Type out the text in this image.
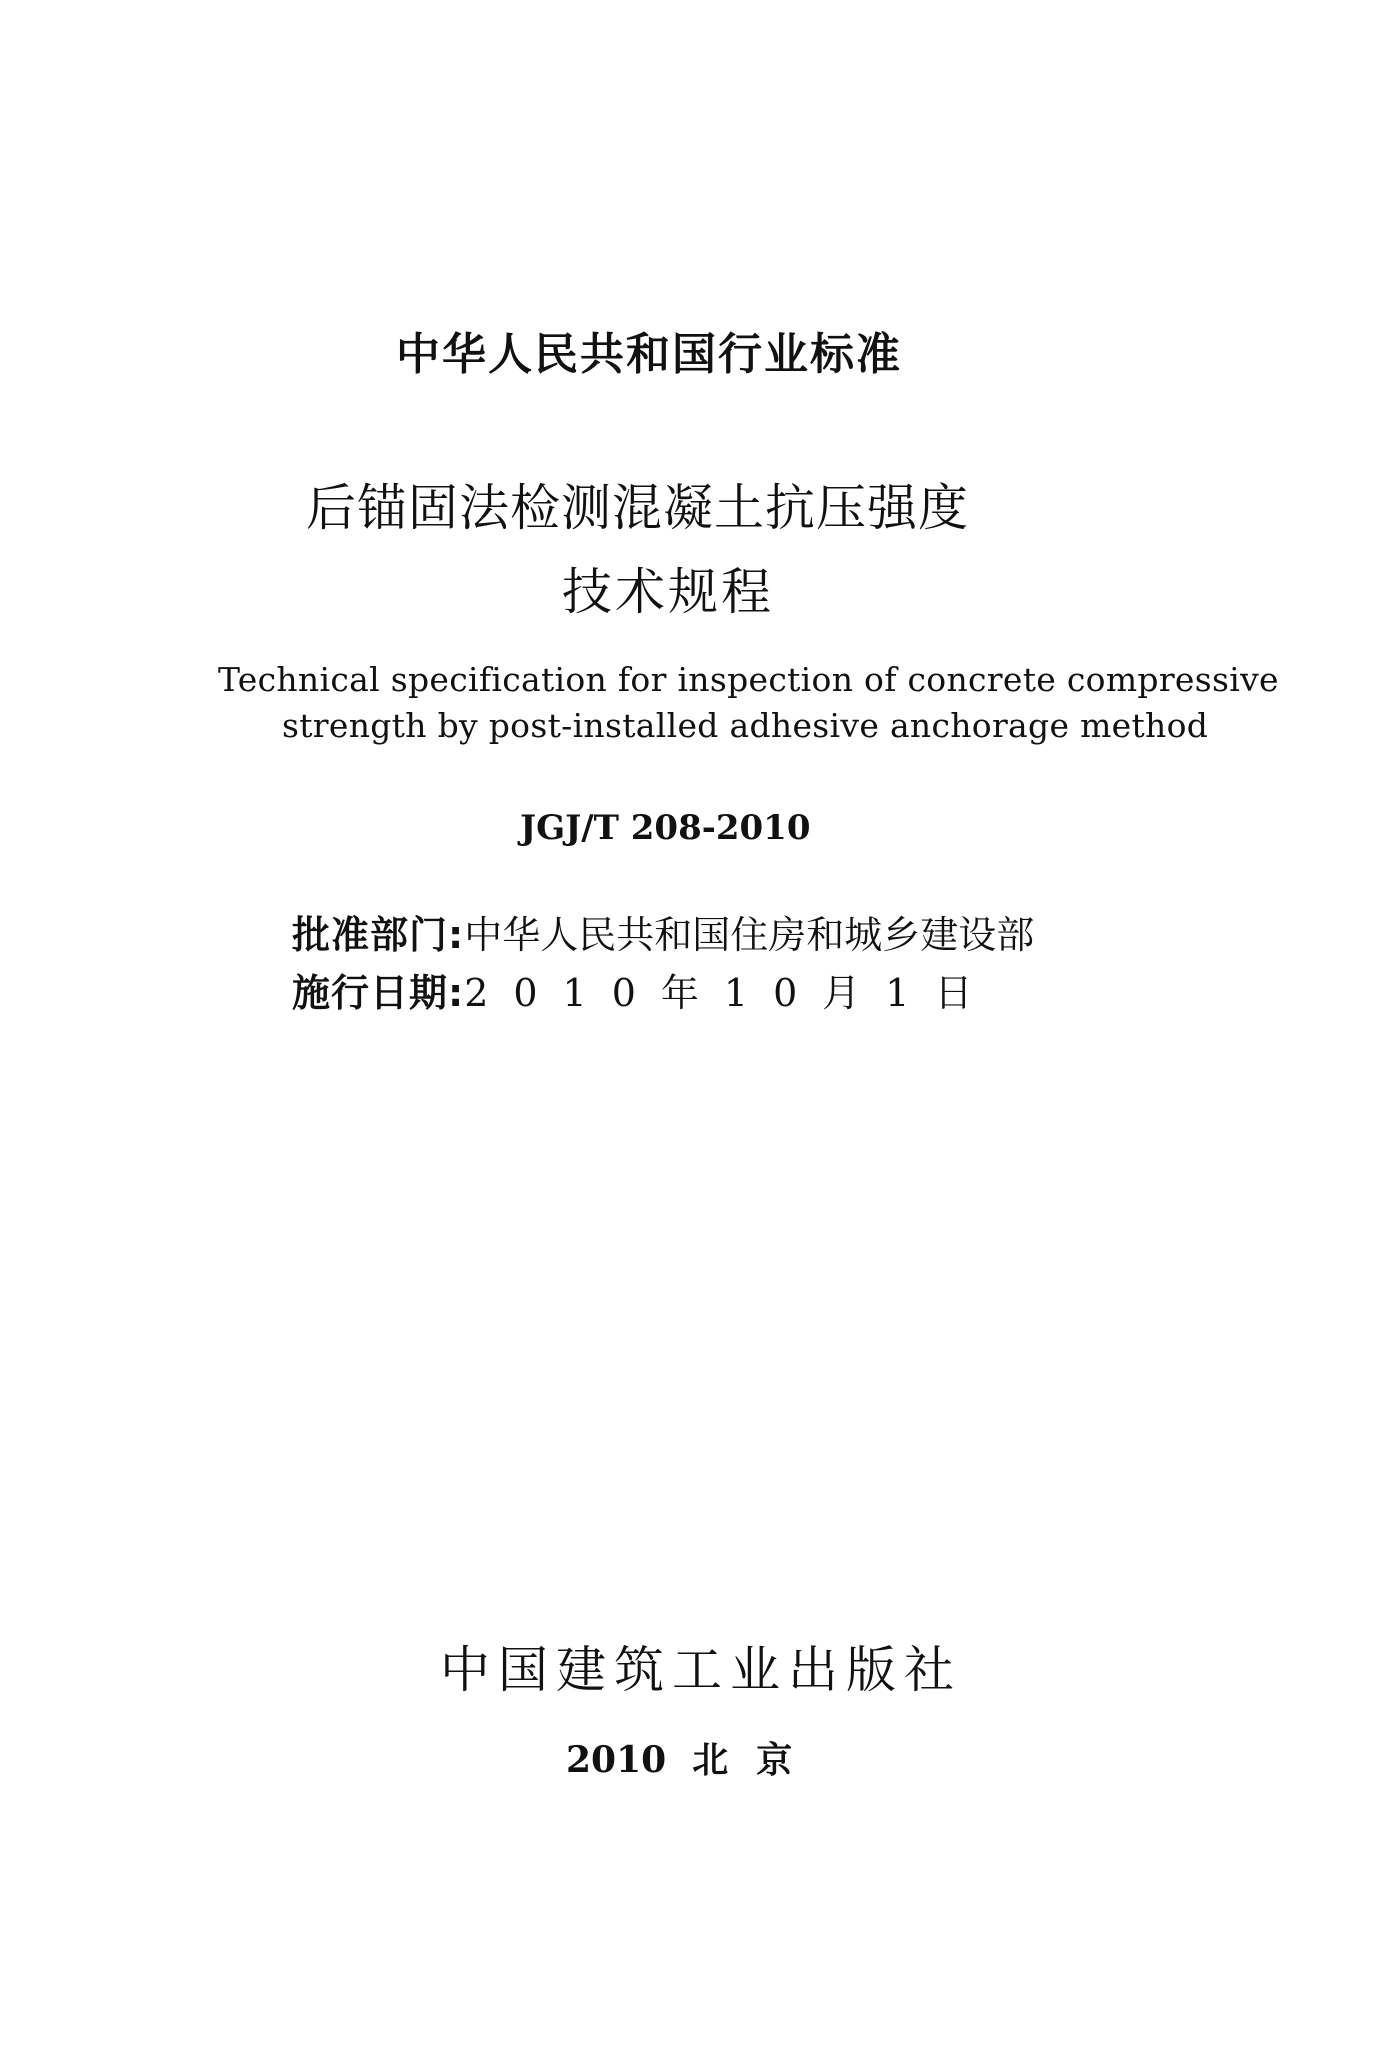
中华人民共和国行业标准
后锚固法检测混凝土抗压强度
技术规程
Technical specification for inspection of concrete compressive
strength by post-installed adhesive anchorage method
JGJ/T 208-2010
批准部门:中华人民共和国住房和城乡建设部
施行日期:2010年10月1日
中国建筑工业出版社
2010 北京
